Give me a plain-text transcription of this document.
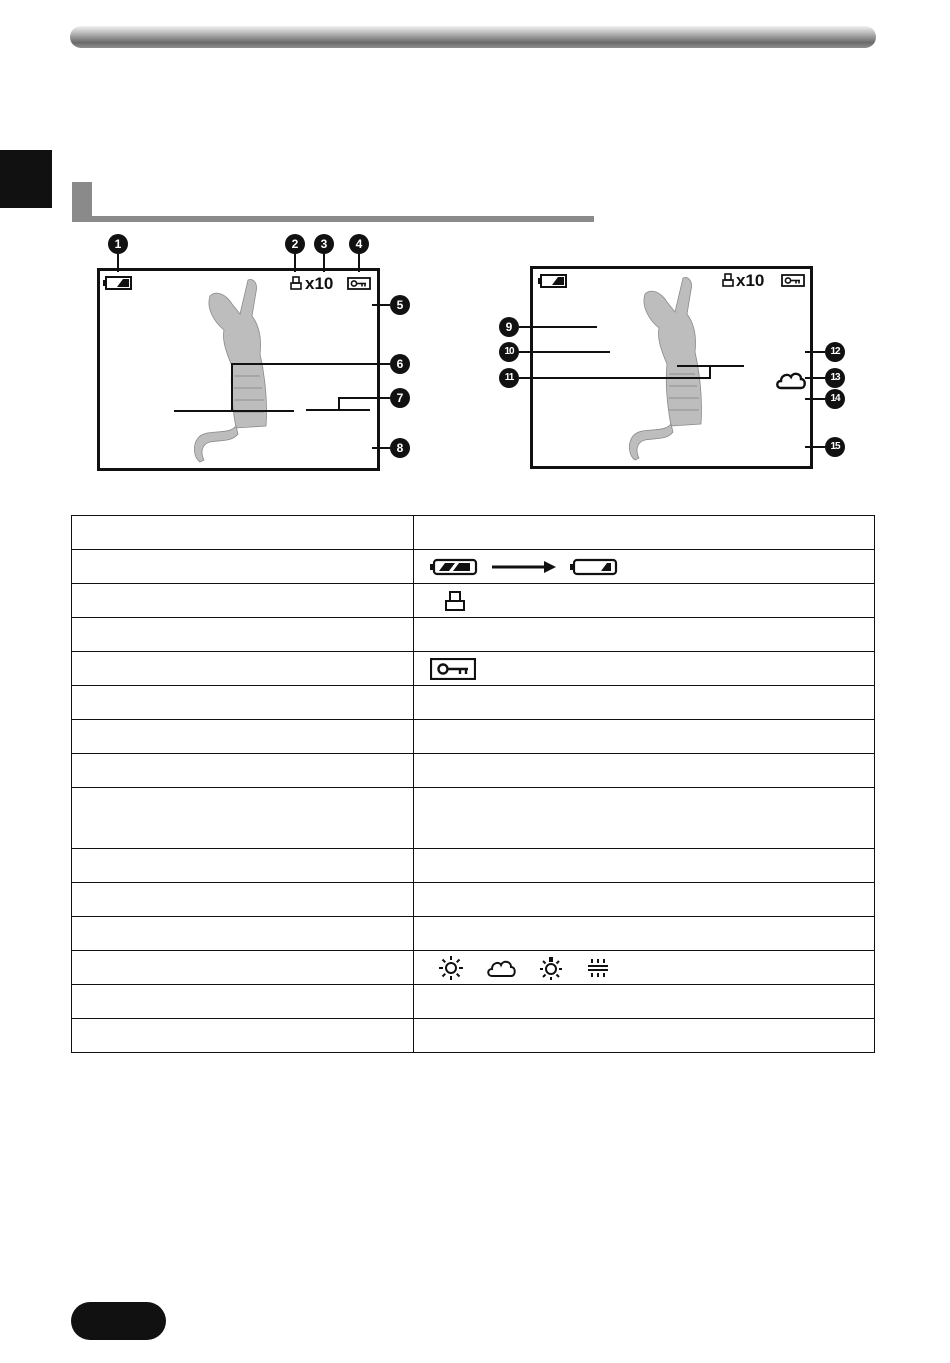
x10
1	2	3	4
5
6
7
8
x10
9
10
11
12
13
14
15
